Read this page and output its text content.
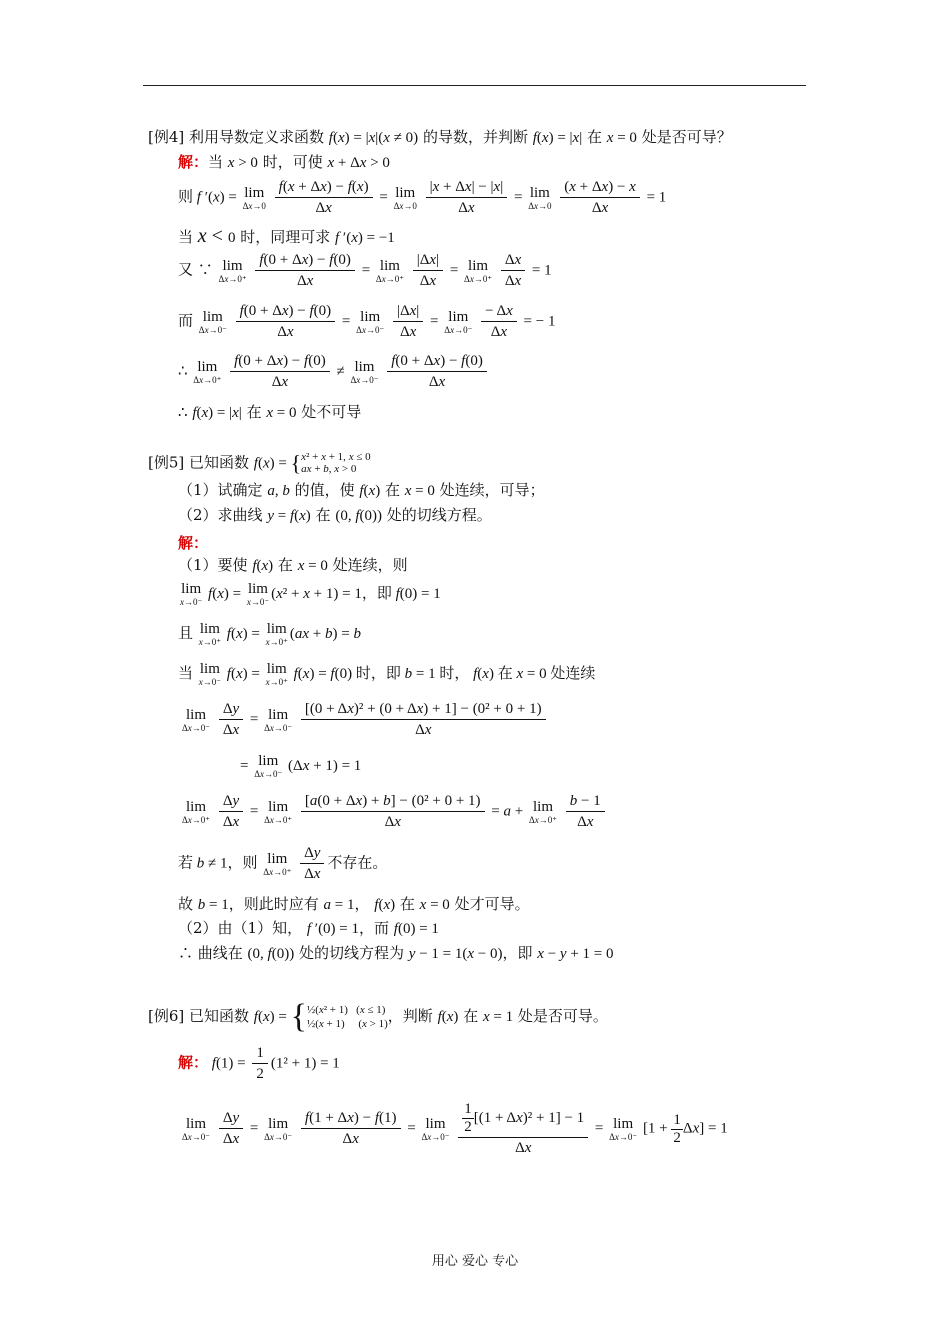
[例4] 利用导数定义求函数 f(x) = |x|(x ≠ 0) 的导数，并判断 f(x) = |x| 在 x = 0 处是否可导？
解：当 x > 0 时，可使 x + Δx > 0
则 f ′(x) = lim
Δx→0
$\frac{f(x + \Delta x) - f(x)}{\Delta x} = \lim$
Δx→0
$\frac{|x + \Delta x| - |x|}{\Delta x} = \lim$
Δx→0
$\frac{(x + \Delta x) - x}{\Delta x} = 1$
当 x < 0 时，同理可求 f ′(x) = −1
又 ∵ lim
Δx→0⁺
$\frac{f(0 + \Delta x) - f(0)}{\Delta x} = \lim$
Δx→0⁺
$\frac{|\Delta x|}{\Delta x} = \lim$
Δx→0⁺
$\frac{\Delta x}{\Delta x} = 1$
而 lim
Δx→0⁻
$\frac{f(0 + \Delta x) - f(0)}{\Delta x} = \lim$
Δx→0⁻
$\frac{|\Delta x|}{\Delta x} = \lim$
Δx→0⁻
$\frac{- \Delta x}{\Delta x}$ = − 1
∴ lim
Δx→0⁺
$\frac{f(0 + \Delta x) - f(0)}{\Delta x} \ne \lim$
Δx→0⁻
$\frac{f(0 + \Delta x) - f(0)}{\Delta x}$
∴ f(x) = |x| 在 x = 0 处不可导
[例5] 已知函数 f(x) = { x² + x + 1, x ≤ 0
ax + b, x > 0
（1）试确定 a, b 的值，使 f(x) 在 x = 0 处连续，可导；
（2）求曲线 y = f(x) 在 (0, f(0)) 处的切线方程。
解：
（1）要使 f(x) 在 x = 0 处连续，则
lim
x→0⁻
f(x) = lim
x→0⁻
(x² + x + 1) = 1，即 f(0) = 1
且 lim
x→0⁺
f(x) = lim
x→0⁺
(ax + b) = b
当 lim
x→0⁻
f(x) = lim
x→0⁺
f(x) = f(0) 时，即 b = 1 时， f(x) 在 x = 0 处连续
lim
Δx→0⁻
$\frac{\Delta y}{\Delta x} = \lim$
Δx→0⁻
$\frac{\text{[(0 + Δx)² + (0 + Δx) + 1] − (0² + 0 + 1)}}{\Delta x}$
= lim
Δx→0⁻
(Δx + 1) = 1
lim
Δx→0⁺
$\frac{\Delta y}{\Delta x} = \lim$
Δx→0⁺
$\frac{\text{[a(0 + Δx) + b] − (0² + 0 + 1)}}{\Delta x} = a + \lim$
Δx→0⁺
$\frac{b - 1}{\Delta x}$
若 b ≠ 1，则 lim
Δx→0⁺
$\frac{\Delta y}{\Delta x}$ 不存在。
故 b = 1，则此时应有 a = 1， f(x) 在 x = 0 处才可导。
（2）由（1）知， f ′(0) = 1，而 f(0) = 1
∴ 曲线在 (0, f(0)) 处的切线方程为 y − 1 = 1(x − 0)，即 x − y + 1 = 0
[例6] 已知函数 f(x) = { ½(x² + 1)   (x ≤ 1)
½(x + 1)     (x > 1) ，判断 f(x) 在 x = 1 处是否可导。
解： $f(1) = \frac{1}{2} (1^2 + 1) = 1$
lim
Δx→0⁻
$\frac{\Delta y}{\Delta x} = \lim$
Δx→0⁻
$\frac{f(1 + \Delta x) - f(1)}{\Delta x} = \lim$
Δx→0⁻
$\frac{\frac{1}{2} [(1 + \Delta x)^2 + 1] - 1}{\Delta x} = \lim$
Δx→0⁻
$[1 + \frac{1}{2} \Delta x] = 1$
用心 爱心 专心
